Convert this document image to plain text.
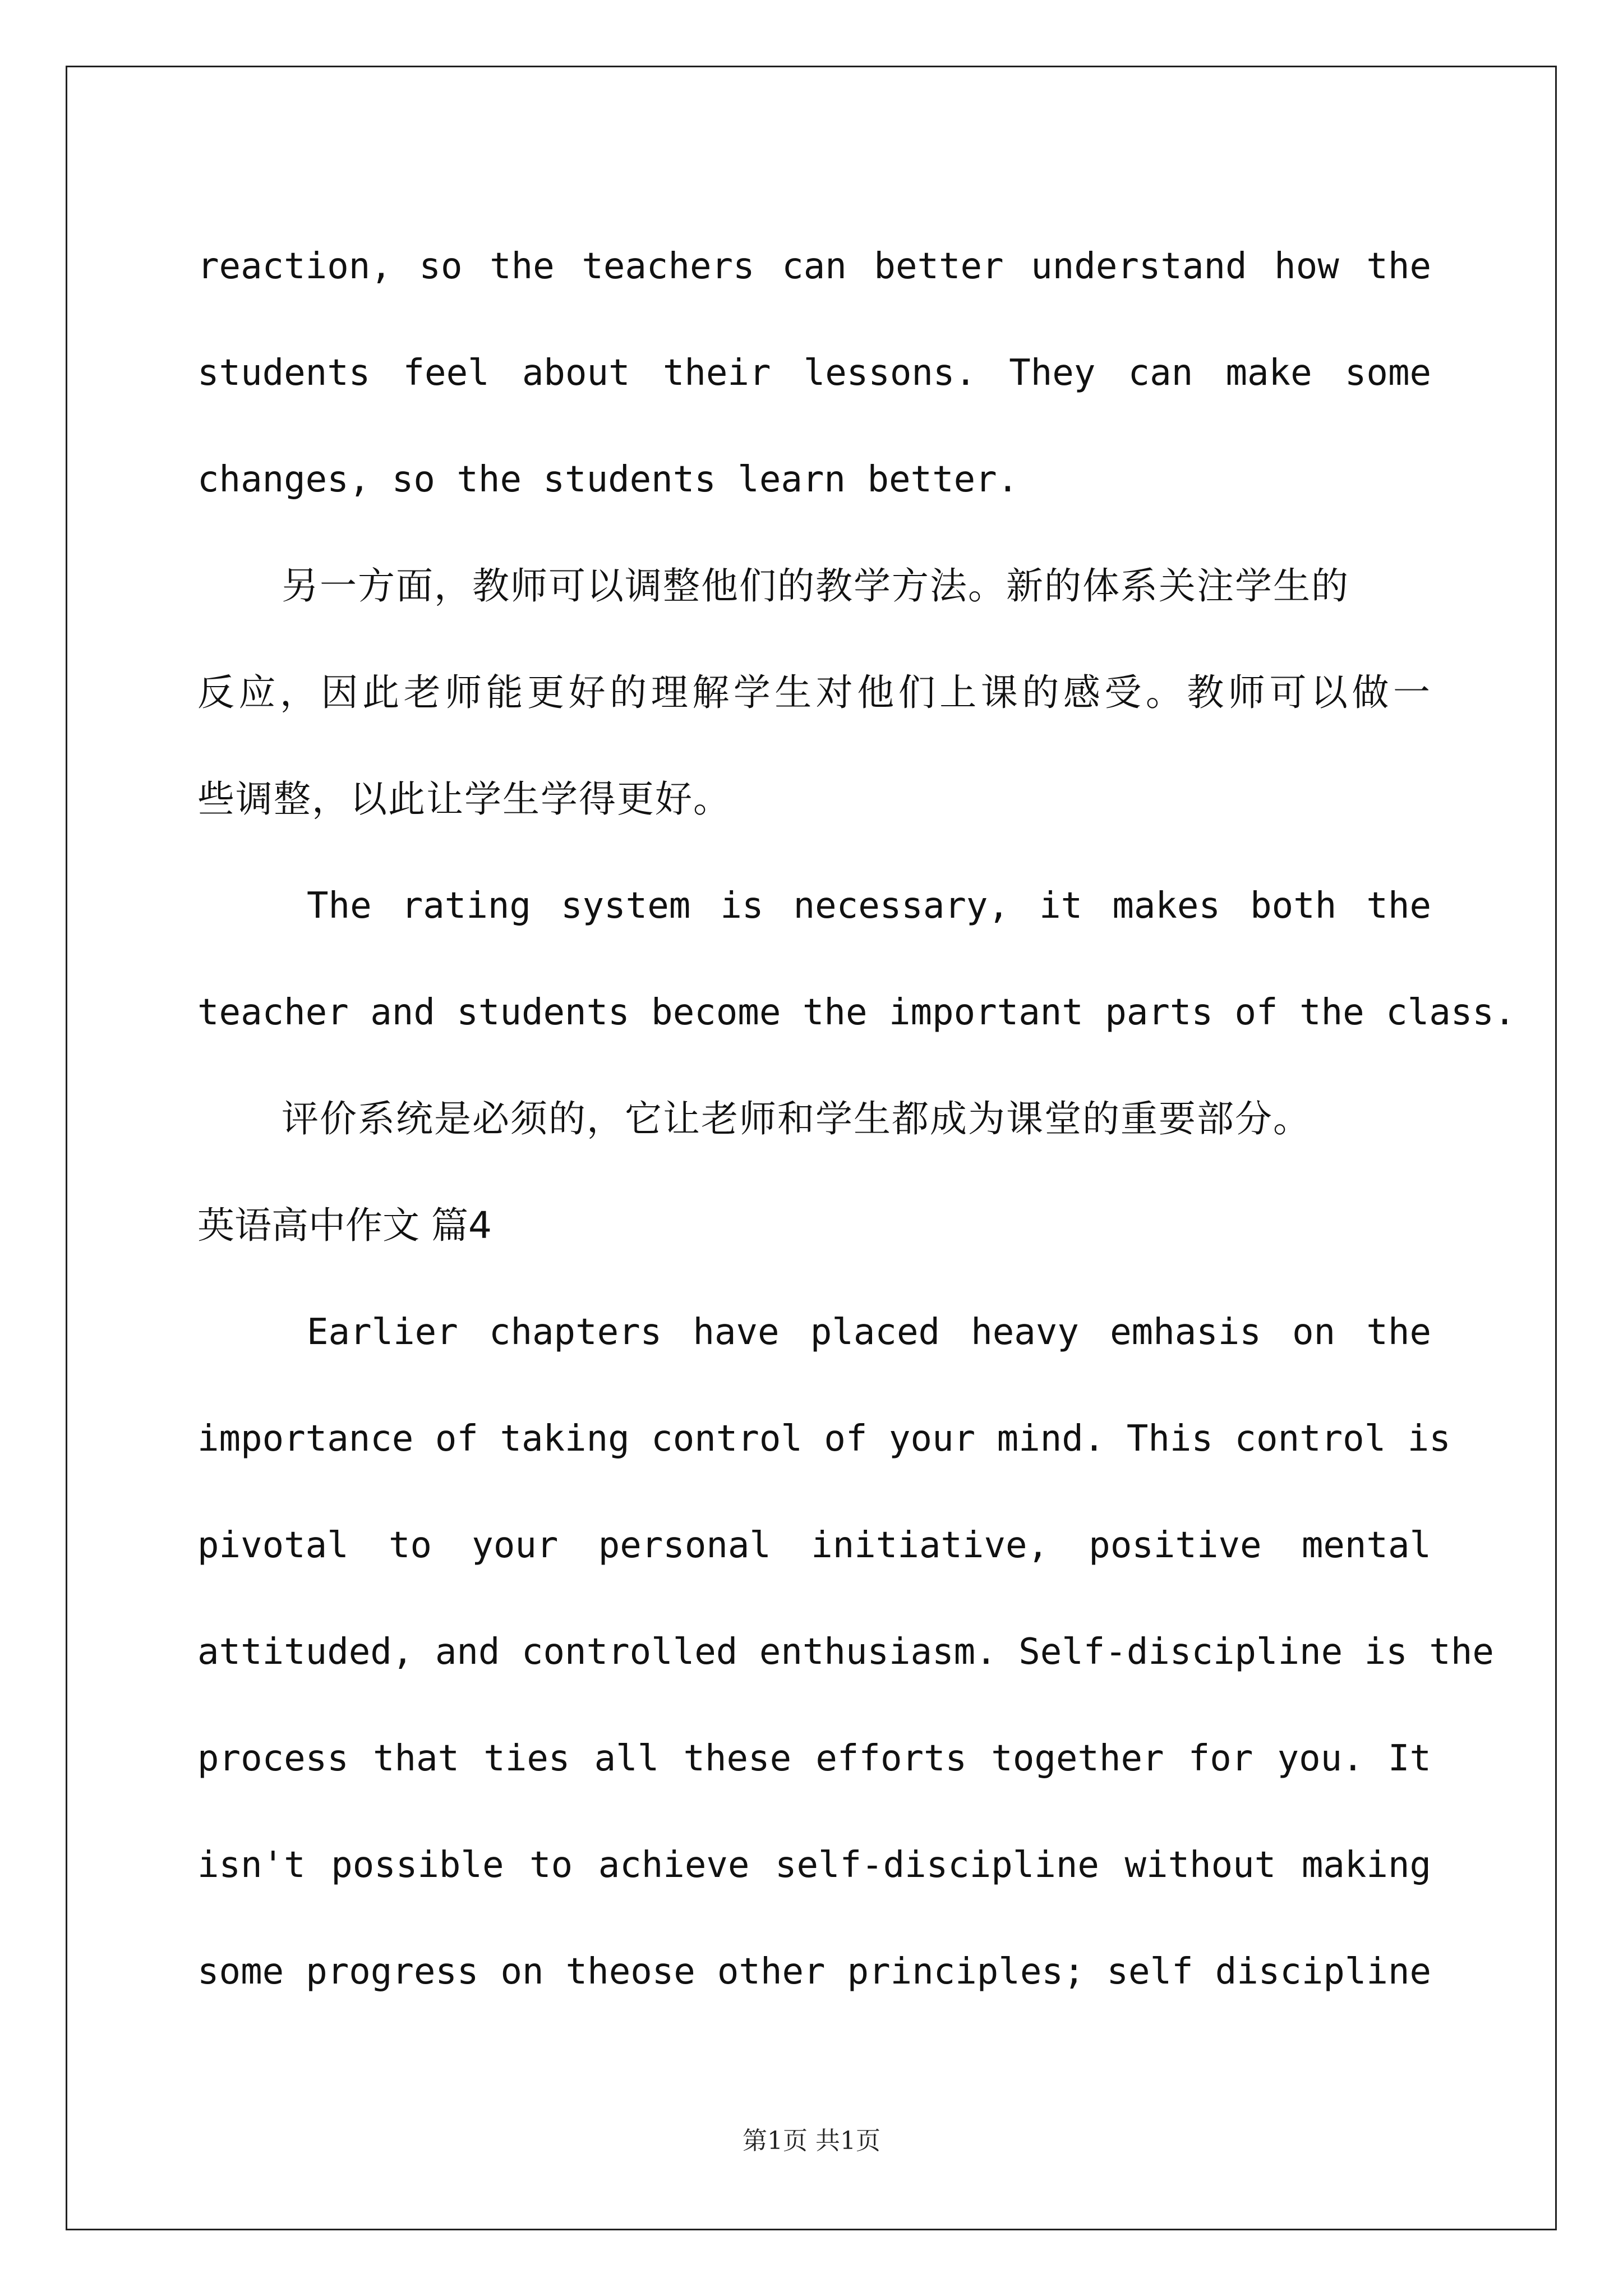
reaction, so the teachers can better understand how the
students feel about their lessons. They can make some
changes, so the students learn better.
另一方面，教师可以调整他们的教学方法。新的体系关注学生的
反应，因此老师能更好的理解学生对他们上课的感受。教师可以做一
些调整，以此让学生学得更好。
The rating system is necessary, it makes both the
teacher and students become the important parts of the class.
评价系统是必须的，它让老师和学生都成为课堂的重要部分。
英语高中作文 篇4
Earlier chapters have placed heavy emhasis on the
importance of taking control of your mind. This control is
pivotal to your personal initiative, positive mental
attituded, and controlled enthusiasm. Self-discipline is the
process that ties all these efforts together for you. It
isn't possible to achieve self-discipline without making
some progress on theose other principles; self discipline
第1页 共1页
